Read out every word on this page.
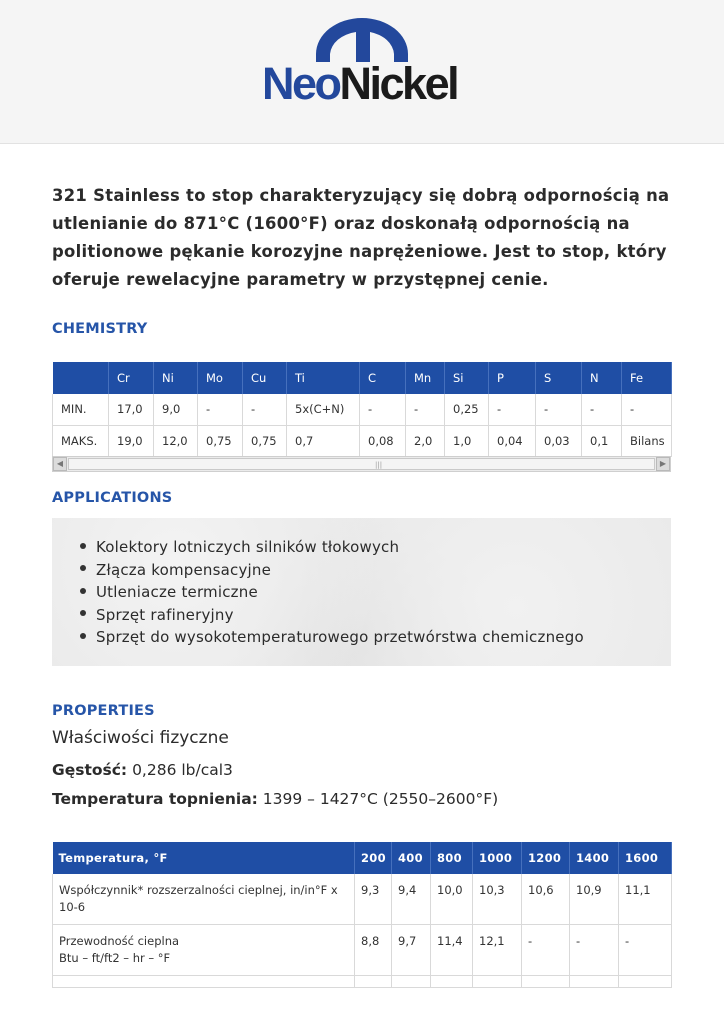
NeoNickel

321 Stainless to stop charakteryzujący się dobrą odpornością na utlenianie do 871°C (1600°F) oraz doskonałą odpornością na politionowe pękanie korozyjne naprężeniowe. Jest to stop, który oferuje rewelacyjne parametry w przystępnej cenie.

CHEMISTRY
	Cr	Ni	Mo	Cu	Ti	C	Mn	Si	P	S	N	Fe
MIN.	17,0	9,0	-	-	5x(C+N)	-	-	0,25	-	-	-	-
MAKS.	19,0	12,0	0,75	0,75	0,7	0,08	2,0	1,0	0,04	0,03	0,1	Bilans
◀	|||	▶
APPLICATIONS
Kolektory lotniczych silników tłokowych
Złącza kompensacyjne
Utleniacze termiczne
Sprzęt rafineryjny
Sprzęt do wysokotemperaturowego przetwórstwa chemicznego
PROPERTIES
Właściwości fizyczne
Gęstość: 0,286 lb/cal3
Temperatura topnienia: 1399 – 1427°C (2550–2600°F)
Temperatura, °F	200	400	800	1000	1200	1400	1600
Współczynnik* rozszerzalności cieplnej, in/in°F x 10-6	9,3	9,4	10,0	10,3	10,6	10,9	11,1
Przewodność cieplna
Btu – ft/ft2 – hr – °F	8,8	9,7	11,4	12,1	-	-	-
